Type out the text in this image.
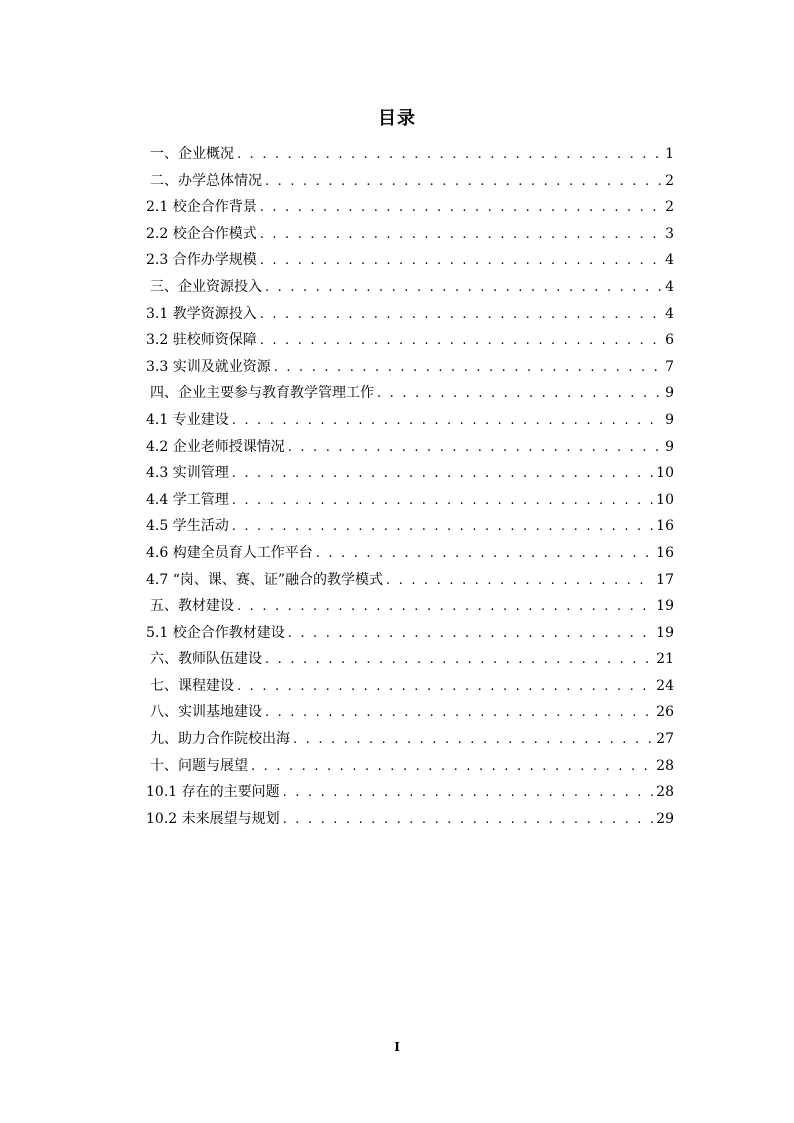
目录
一、企业概况 . . .	1
二、办学总体情况 . . .	2
2.1 校企合作背景 . . .	2
2.2 校企合作模式 . . .	3
2.3 合作办学规模 . . .	4
三、企业资源投入 . . .	4
3.1 教学资源投入 . . .	4
3.2 驻校师资保障 . . .	6
3.3 实训及就业资源 . . .	7
四、企业主要参与教育教学管理工作 . . .	9
4.1 专业建设 . . .	9
4.2 企业老师授课情况 . . .	9
4.3 实训管理 . . .	10
4.4 学工管理 . . .	10
4.5 学生活动 . . .	16
4.6 构建全员育人工作平台 . . .	16
4.7 “岗、课、赛、证”融合的教学模式 . . .	17
五、教材建设 . . .	19
5.1 校企合作教材建设 . . .	19
六、教师队伍建设 . . .	21
七、课程建设 . . .	24
八、实训基地建设 . . .	26
九、助力合作院校出海 . . .	27
十、问题与展望 . . .	28
10.1 存在的主要问题 . . .	28
10.2 未来展望与规划 . . .	29
I
